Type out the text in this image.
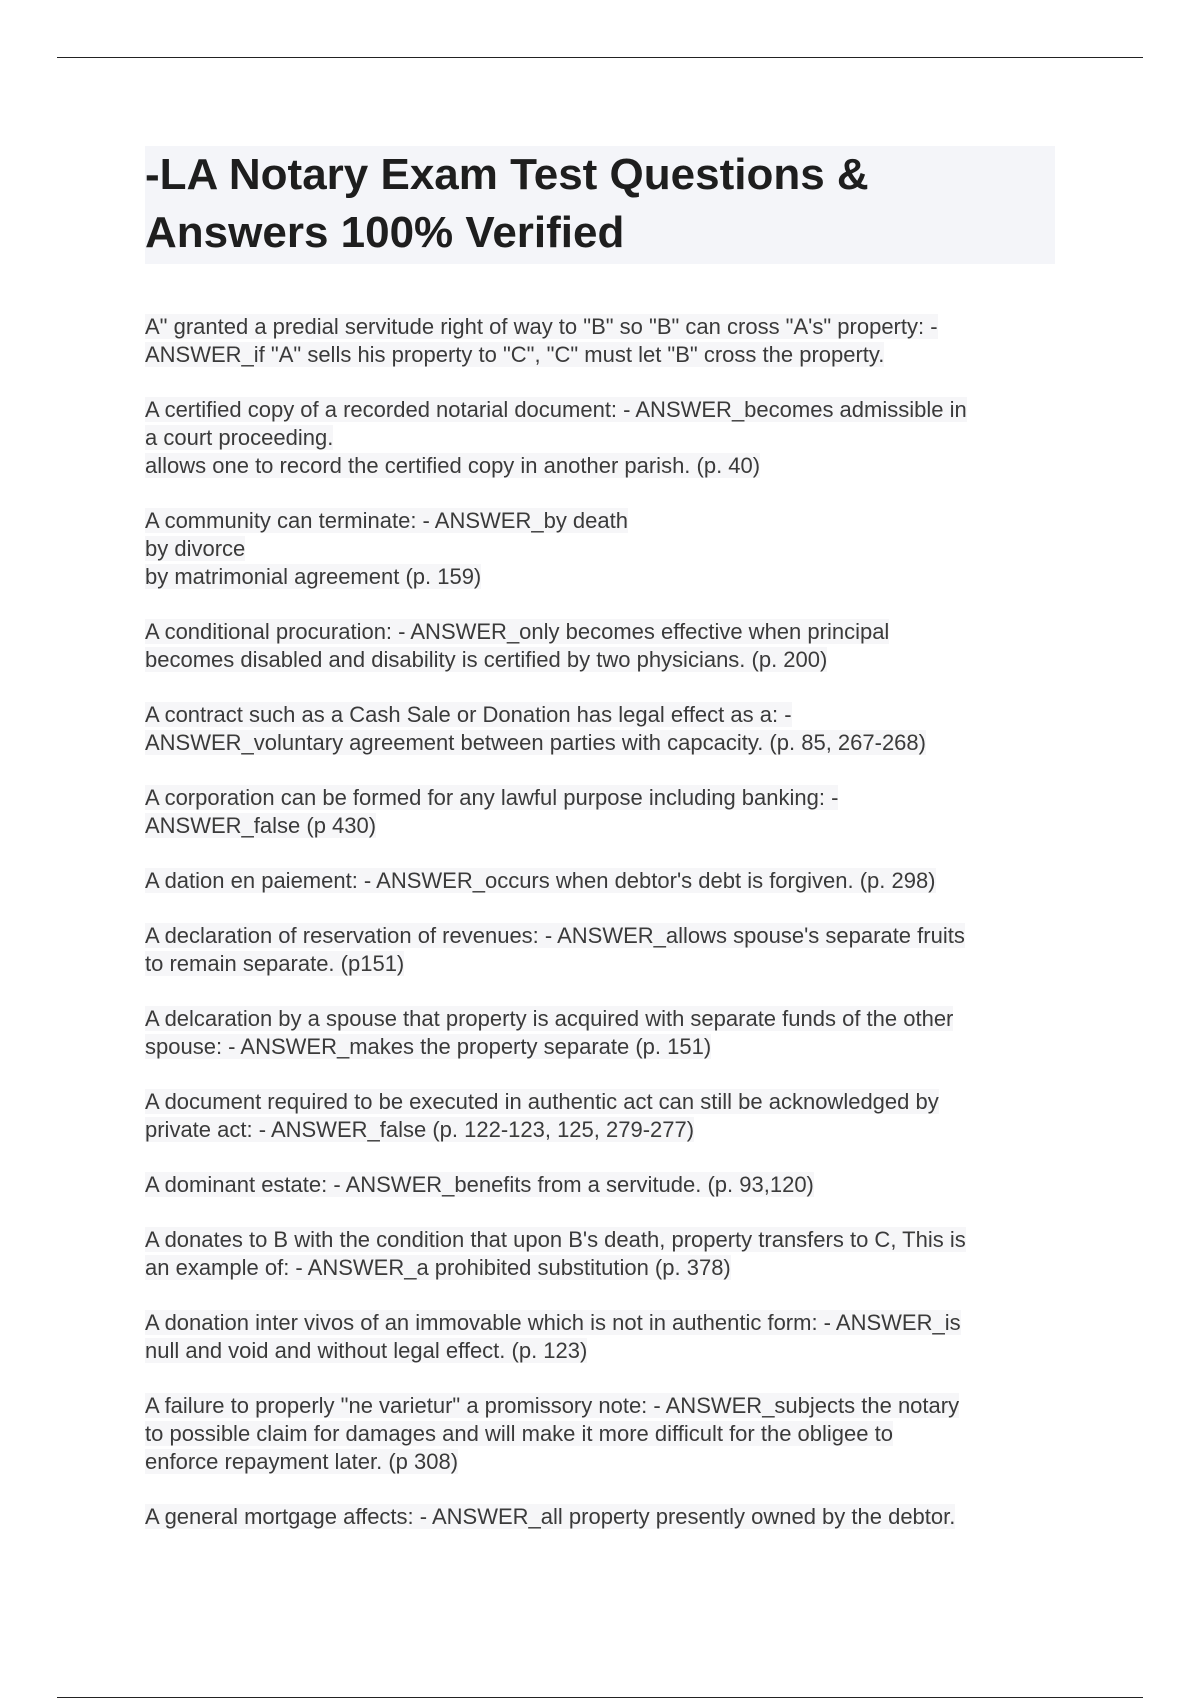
-LA Notary Exam Test Questions &
Answers 100% Verified
A" granted a predial servitude right of way to "B" so "B" can cross "A's" property: -
ANSWER_if "A" sells his property to "C", "C" must let "B" cross the property.
A certified copy of a recorded notarial document: - ANSWER_becomes admissible in
a court proceeding.
allows one to record the certified copy in another parish. (p. 40)
A community can terminate: - ANSWER_by death
by divorce
by matrimonial agreement (p. 159)
A conditional procuration: - ANSWER_only becomes effective when principal
becomes disabled and disability is certified by two physicians. (p. 200)
A contract such as a Cash Sale or Donation has legal effect as a: -
ANSWER_voluntary agreement between parties with capcacity. (p. 85, 267-268)
A corporation can be formed for any lawful purpose including banking: -
ANSWER_false (p 430)
A dation en paiement: - ANSWER_occurs when debtor's debt is forgiven. (p. 298)
A declaration of reservation of revenues: - ANSWER_allows spouse's separate fruits
to remain separate. (p151)
A delcaration by a spouse that property is acquired with separate funds of the other
spouse: - ANSWER_makes the property separate (p. 151)
A document required to be executed in authentic act can still be acknowledged by
private act: - ANSWER_false (p. 122-123, 125, 279-277)
A dominant estate: - ANSWER_benefits from a servitude. (p. 93,120)
A donates to B with the condition that upon B's death, property transfers to C, This is
an example of: - ANSWER_a prohibited substitution (p. 378)
A donation inter vivos of an immovable which is not in authentic form: - ANSWER_is
null and void and without legal effect. (p. 123)
A failure to properly "ne varietur" a promissory note: - ANSWER_subjects the notary
to possible claim for damages and will make it more difficult for the obligee to
enforce repayment later. (p 308)
A general mortgage affects: - ANSWER_all property presently owned by the debtor.
